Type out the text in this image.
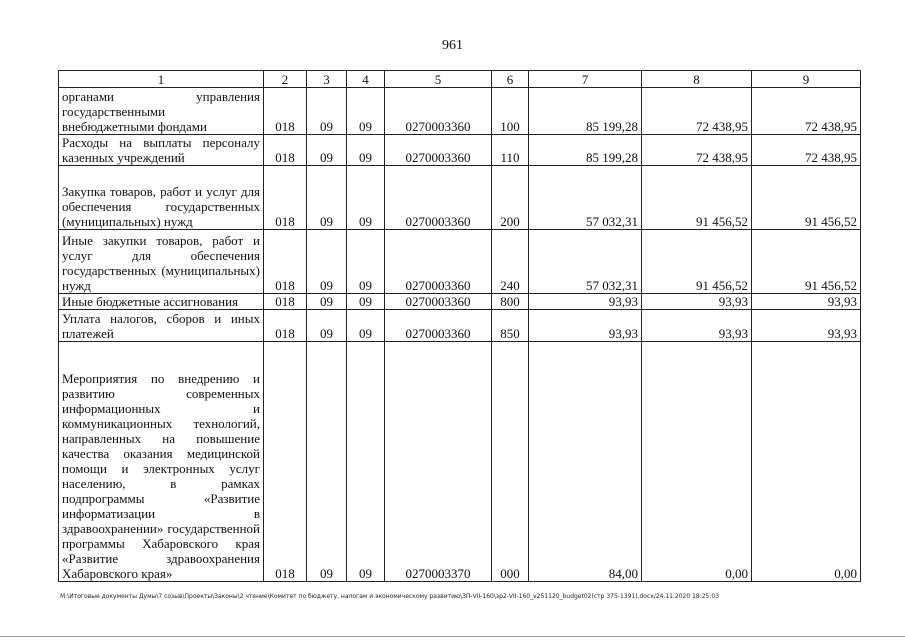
961
1	2	3	4	5	6	7	8	9
органами управления государственными внебюджетными фондами	018	09	09	0270003360	100	85 199,28	72 438,95	72 438,95
Расходы на выплаты персоналу казенных учреждений	018	09	09	0270003360	110	85 199,28	72 438,95	72 438,95
Закупка товаров, работ и услуг для обеспечения государственных (муниципальных) нужд	018	09	09	0270003360	200	57 032,31	91 456,52	91 456,52
Иные закупки товаров, работ и услуг для обеспечения государственных (муниципальных) нужд	018	09	09	0270003360	240	57 032,31	91 456,52	91 456,52
Иные бюджетные ассигнования	018	09	09	0270003360	800	93,93	93,93	93,93
Уплата налогов, сборов и иных платежей	018	09	09	0270003360	850	93,93	93,93	93,93
Мероприятия по внедрению и развитию современных информационных и коммуникационных технологий, направленных на повышение качества оказания медицинской помощи и электронных услуг населению, в рамках подпрограммы «Развитие информатизации в здравоохранении» государственной программы Хабаровского края «Развитие здравоохранения Хабаровского края»	018	09	09	0270003370	000	84,00	0,00	0,00
M:\Итоговые документы Думы\7 созыв\Проекты\Законы\2 чтение\Комитет по бюджету, налогам и экономическому развитию\ЗП-VII-160\зр2-VII-160_v251120_budget02(стр 375-1391).docx/24.11.2020 18:25:03
